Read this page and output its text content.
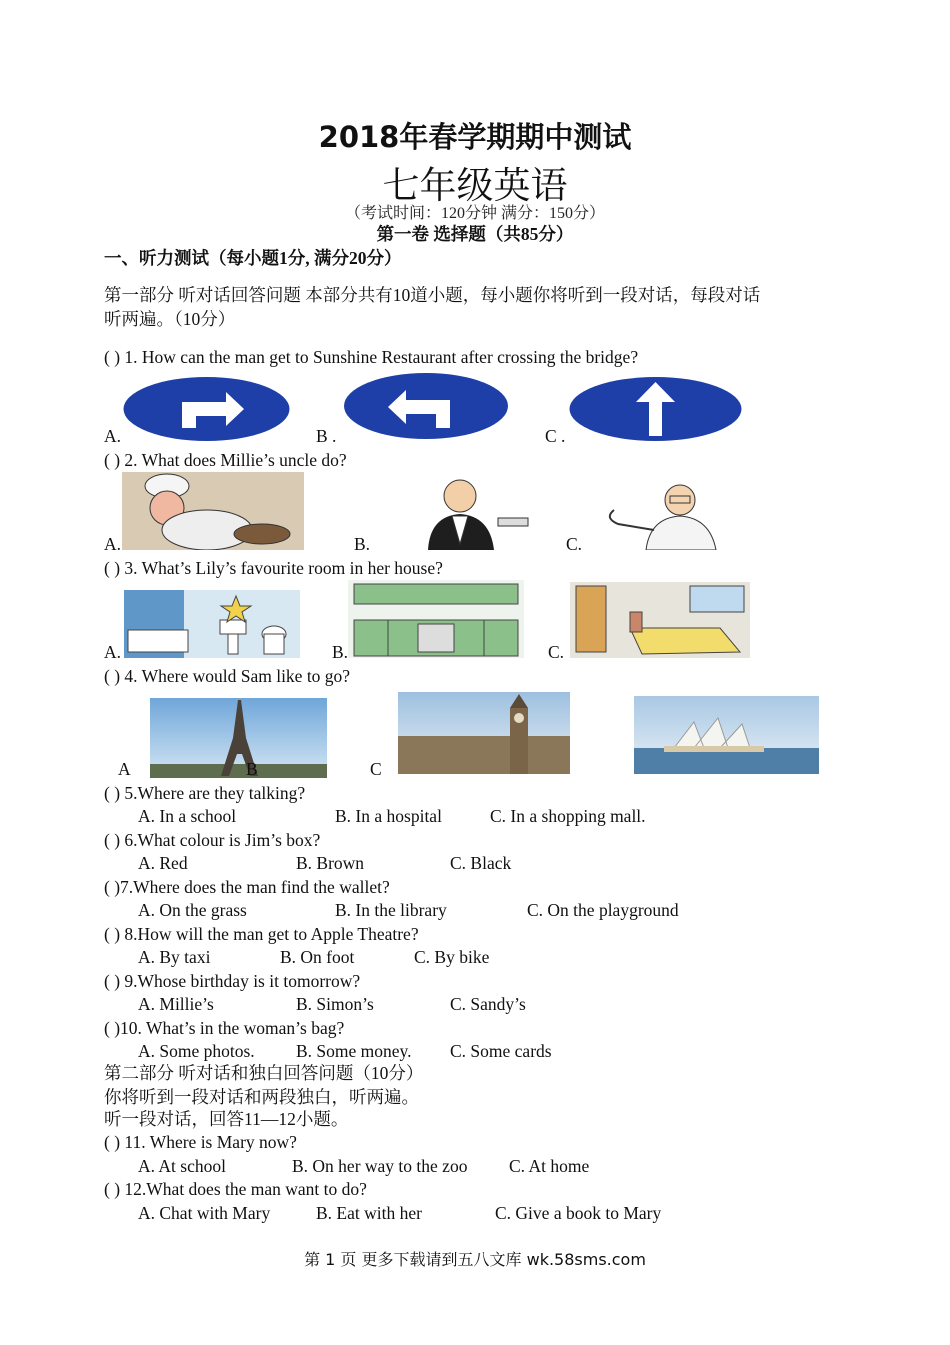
2018年春学期期中测试
七年级英语
（考试时间：120分钟 满分：150分）
第一卷 选择题（共85分）
一、听力测试（每小题1分, 满分20分）
第一部分 听对话回答问题 本部分共有10道小题，每小题你将听到一段对话，每段对话
听两遍。（10分）
( ) 1. How can the man get to Sunshine Restaurant after crossing the bridge?
A.	B .	C .
( ) 2. What does Millie’s uncle do?
A.	B.	C.
( ) 3. What’s Lily’s favourite room in her house?
A.	B.	C.
( ) 4. Where would Sam like to go?
A	B	C
( ) 5.Where are they talking?
A. In a school	B. In a hospital	C. In a shopping mall.
( ) 6.What colour is Jim’s box?
A. Red	B. Brown	C. Black
( )7.Where does the man find the wallet?
A. On the grass	B. In the library	C. On the playground
( ) 8.How will the man get to Apple Theatre?
A. By taxi	B. On foot	C. By bike
( ) 9.Whose birthday is it tomorrow?
A. Millie’s	B. Simon’s	C. Sandy’s
( )10. What’s in the woman’s bag?
A. Some photos. B. Some money. C. Some cards
第二部分 听对话和独白回答问题（10分）
你将听到一段对话和两段独白，听两遍。
听一段对话，回答11—12小题。
( ) 11. Where is Mary now?
A. At school	B. On her way to the zoo C. At home
( ) 12.What does the man want to do?
A. Chat with Mary	B. Eat with her	C. Give a book to Mary
第 1 页 更多下载请到五八文库 wk.58sms.com
